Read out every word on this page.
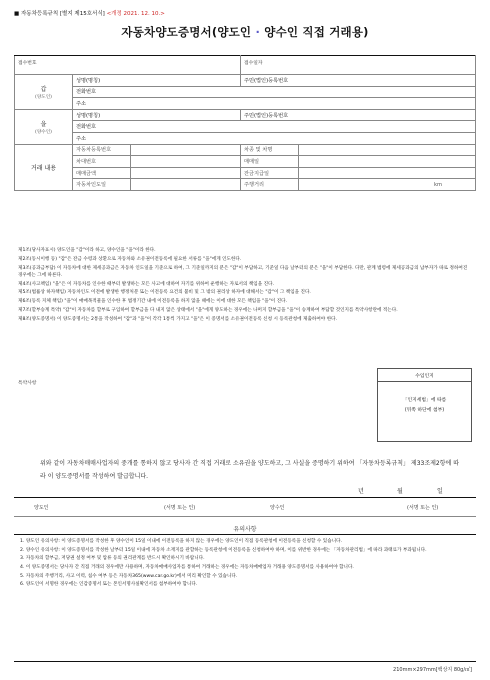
■ 자동차등록규칙 [별지 제15호서식] <개정 2021. 12. 10.>
자동차양도증명서(양도인 · 양수인 직접 거래용)
접수번호			접수일자	
갑
(양도인)	성명(명칭)		주민(법인)등록번호	
	전화번호			
	주소			
을
(양수인)	성명(명칭)		주민(법인)등록번호	
	전화번호			
	주소			
거래 내용	자동차등록번호		차종 및 차명	
	차대번호		매매일	
	매매금액		잔금지급일	
	자동차인도일		주행거리	km

제1조(당사자표시) 양도인을 "갑"이라 하고, 양수인을 "을"이라 한다.

제2조(동시이행 등) "갑"은 잔금 수령과 상환으로 자동차와 소유권이전등록에 필요한 서류를 "을"에게 인도한다.

제3조(공과금부담) 이 자동차에 대한 제세공과금은 자동차 인도일을 기준으로 하여, 그 기준일까지의 분은 "갑"이 부담하고, 기준일 다음 날부터의 분은 "을"이 부담한다. 다만, 관계 법령에 제세공과금의 납부자가 따로 정하여진 경우에는 그에 따른다.

제4조(사고책임) "을"은 이 자동차를 인수한 때부터 발생하는 모든 사고에 대하여 자기를 위하여 운행하는 자로서의 책임을 진다.

제5조(법률상 하자책임) 자동차인도 이전에 발생한 행정처분 또는 이전등록 요건의 불비 및 그 밖의 권리상 하자에 대해서는 "갑"이 그 책임을 진다.

제6조(등록 지체 책임) "을"이 매매목적물을 인수한 후 법정기간 내에 이전등록을 하지 않을 때에는 이에 대한 모든 책임을 "을"이 진다.

제7조(할부승계 특약) "갑"이 자동차를 할부로 구입하여 할부금을 다 내지 않은 상태에서 "을"에게 양도하는 경우에는 나머지 할부금을 "을"이 승계하여 부담할 것인지를 특약사항란에 적는다.

제8조(양도증명서) 이 양도증명서는 2통을 작성하여 "갑"과 "을"이 각각 1통씩 가지고 "을"은 이 증명서를 소유권이전등록 신청 시 등록관청에 제출하여야 한다.

특약사항
수입인지
「인지세법」에 따름
(뒤쪽 하단에 첨부)
위와 같이 자동차매매사업자의 중개를 통하지 않고 당사자 간 직접 거래로 소유권을 양도하고, 그 사실을 증명하기 위하여 「자동차등록규칙」 제33조제2항에 따라 이 양도증명서를 작성하여 발급합니다.
년	월	일
양도인	(서명 또는 인)	양수인	(서명 또는 인)
유의사항

1. 양도인 유의사항: 이 양도증명서를 작성한 후 양수인이 15일 이내에 이전등록을 하지 않는 경우에는 양도인이 직접 등록관청에 이전등록을 신청할 수 있습니다.

2. 양수인 유의사항: 이 양도증명서를 작성한 날부터 15일 이내에 자동차 소재지를 관할하는 등록관청에 이전등록을 신청하여야 하며, 이를 위반한 경우에는 「자동차관리법」에 따라 과태료가 부과됩니다.

3. 자동차의 할부금, 저당권 설정 여부 및 압류 등의 권리관계를 반드시 확인하시기 바랍니다.

4. 이 양도증명서는 당사자 간 직접 거래의 경우에만 사용하며, 자동차매매사업자를 통하여 거래하는 경우에는 자동차매매업자 거래용 양도증명서를 사용하여야 합니다.

5. 자동차의 주행거리, 사고 이력, 침수 여부 등은 자동차365(www.car.go.kr)에서 미리 확인할 수 있습니다.

6. 양도인이 서명한 경우에는 인감증명서 또는 본인서명사실확인서를 첨부하여야 합니다.

210mm×297mm[백상지 80g/㎡]
